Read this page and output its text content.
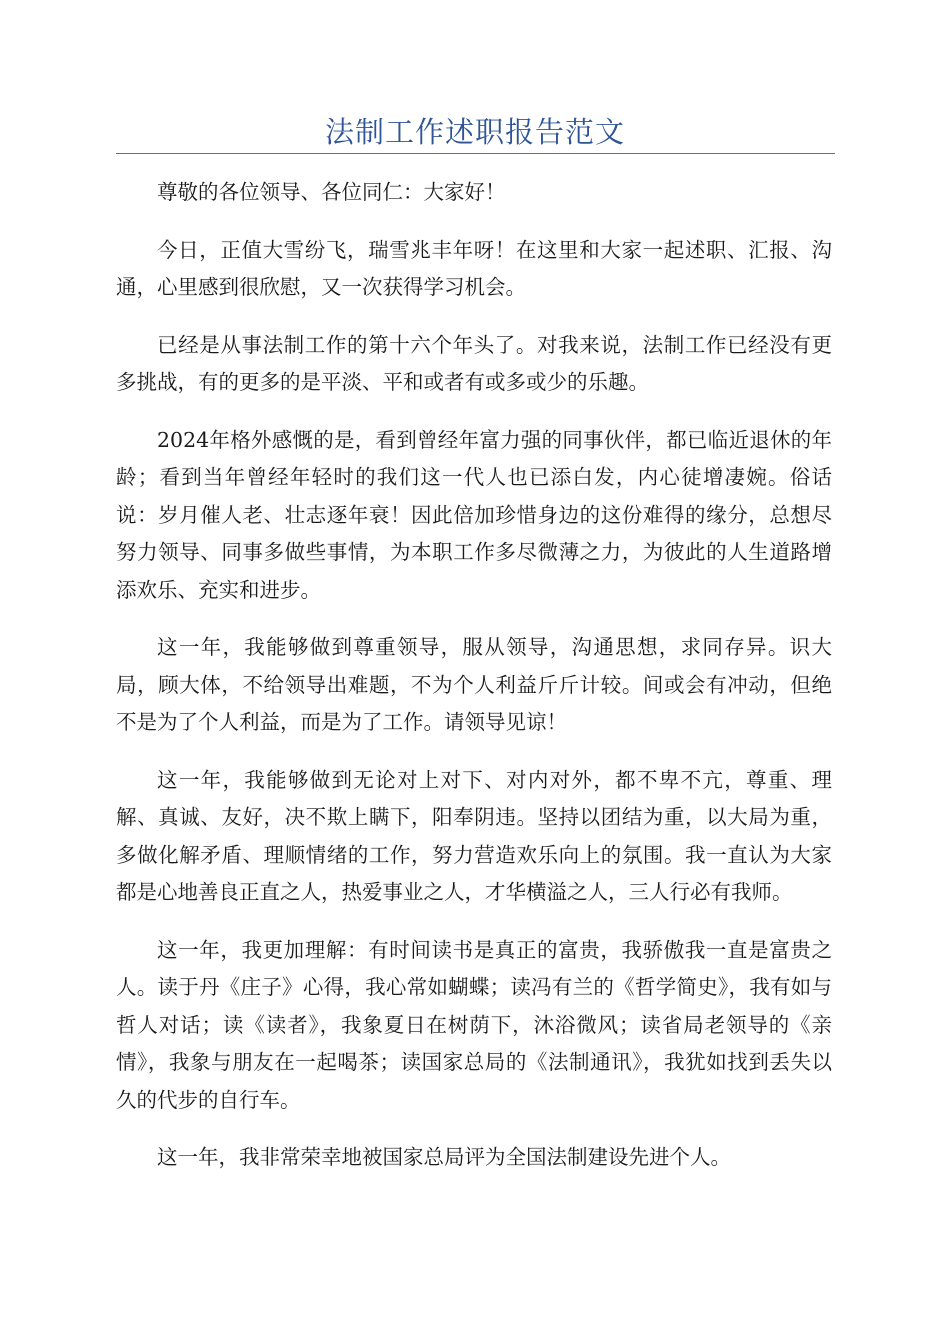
法制工作述职报告范文

尊敬的各位领导、各位同仁：大家好！

今日，正值大雪纷飞，瑞雪兆丰年呀！在这里和大家一起述职、汇报、沟通，心里感到很欣慰，又一次获得学习机会。

已经是从事法制工作的第十六个年头了。对我来说，法制工作已经没有更多挑战，有的更多的是平淡、平和或者有或多或少的乐趣。

2024年格外感慨的是，看到曾经年富力强的同事伙伴，都已临近退休的年龄；看到当年曾经年轻时的我们这一代人也已添白发，内心徒增凄婉。俗话说：岁月催人老、壮志逐年衰！因此倍加珍惜身边的这份难得的缘分，总想尽努力领导、同事多做些事情，为本职工作多尽微薄之力，为彼此的人生道路增添欢乐、充实和进步。

这一年，我能够做到尊重领导，服从领导，沟通思想，求同存异。识大局，顾大体，不给领导出难题，不为个人利益斤斤计较。间或会有冲动，但绝不是为了个人利益，而是为了工作。请领导见谅！

这一年，我能够做到无论对上对下、对内对外，都不卑不亢，尊重、理解、真诚、友好，决不欺上瞒下，阳奉阴违。坚持以团结为重，以大局为重，多做化解矛盾、理顺情绪的工作，努力营造欢乐向上的氛围。我一直认为大家都是心地善良正直之人，热爱事业之人，才华横溢之人，三人行必有我师。

这一年，我更加理解：有时间读书是真正的富贵，我骄傲我一直是富贵之人。读于丹《庄子》心得，我心常如蝴蝶；读冯有兰的《哲学简史》，我有如与哲人对话；读《读者》，我象夏日在树荫下，沐浴微风；读省局老领导的《亲情》，我象与朋友在一起喝茶；读国家总局的《法制通讯》，我犹如找到丢失以久的代步的自行车。

这一年，我非常荣幸地被国家总局评为全国法制建设先进个人。
